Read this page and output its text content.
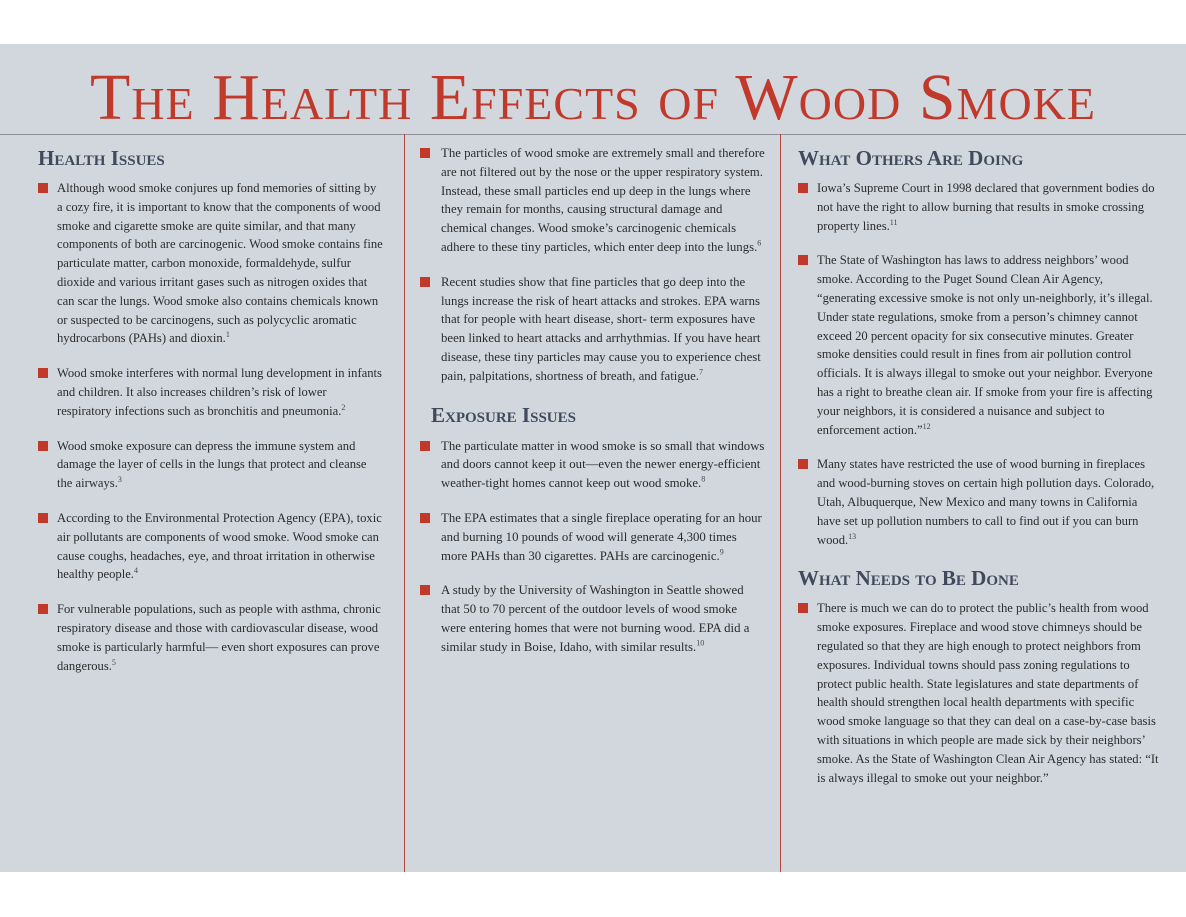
The Health Effects of Wood Smoke
Health Issues
Although wood smoke conjures up fond memories of sitting by a cozy fire, it is important to know that the components of wood smoke and cigarette smoke are quite similar, and that many components of both are carcinogenic. Wood smoke contains fine particulate matter, carbon monoxide, formaldehyde, sulfur dioxide and various irritant gases such as nitrogen oxides that can scar the lungs. Wood smoke also contains chemicals known or suspected to be carcinogens, such as polycyclic aromatic hydrocarbons (PAHs) and dioxin.$^1$
Wood smoke interferes with normal lung development in infants and children. It also increases children’s risk of lower respiratory infections such as bronchitis and pneumonia.$^2$
Wood smoke exposure can depress the immune system and damage the layer of cells in the lungs that protect and cleanse the airways.$^3$
According to the Environmental Protection Agency (EPA), toxic air pollutants are components of wood smoke. Wood smoke can cause coughs, headaches, eye, and throat irritation in otherwise healthy people.$^4$
For vulnerable populations, such as people with asthma, chronic respiratory disease and those with cardiovascular disease, wood smoke is particularly harmful— even short exposures can prove dangerous.$^5$
The particles of wood smoke are extremely small and therefore are not filtered out by the nose or the upper respiratory system. Instead, these small particles end up deep in the lungs where they remain for months, causing structural damage and chemical changes. Wood smoke’s carcinogenic chemicals adhere to these tiny particles, which enter deep into the lungs.$^6$
Recent studies show that fine particles that go deep into the lungs increase the risk of heart attacks and strokes. EPA warns that for people with heart disease, short- term exposures have been linked to heart attacks and arrhythmias. If you have heart disease, these tiny particles may cause you to experience chest pain, palpitations, shortness of breath, and fatigue.$^7$
Exposure Issues
The particulate matter in wood smoke is so small that windows and doors cannot keep it out—even the newer energy-efficient weather-tight homes cannot keep out wood smoke.$^8$
The EPA estimates that a single fireplace operating for an hour and burning 10 pounds of wood will generate 4,300 times more PAHs than 30 cigarettes. PAHs are carcinogenic.$^9$
A study by the University of Washington in Seattle showed that 50 to 70 percent of the outdoor levels of wood smoke were entering homes that were not burning wood. EPA did a similar study in Boise, Idaho, with similar results.$^{10}$
What Others Are Doing
Iowa’s Supreme Court in 1998 declared that government bodies do not have the right to allow burning that results in smoke crossing property lines.$^{11}$
The State of Washington has laws to address neighbors’ wood smoke. According to the Puget Sound Clean Air Agency, “generating excessive smoke is not only un-neighborly, it’s illegal. Under state regulations, smoke from a person’s chimney cannot exceed 20 percent opacity for six consecutive minutes. Greater smoke densities could result in fines from air pollution control officials. It is always illegal to smoke out your neighbor. Everyone has a right to breathe clean air. If smoke from your fire is affecting your neighbors, it is considered a nuisance and subject to enforcement action.”$^{12}$
Many states have restricted the use of wood burning in fireplaces and wood-burning stoves on certain high pollution days. Colorado, Utah, Albuquerque, New Mexico and many towns in California have set up pollution numbers to call to find out if you can burn wood.$^{13}$
What Needs to Be Done
There is much we can do to protect the public’s health from wood smoke exposures. Fireplace and wood stove chimneys should be regulated so that they are high enough to protect neighbors from exposures. Individual towns should pass zoning regulations to protect public health. State legislatures and state departments of health should strengthen local health departments with specific wood smoke language so that they can deal on a case-by-case basis with situations in which people are made sick by their neighbors’ smoke. As the State of Washington Clean Air Agency has stated: “It is always illegal to smoke out your neighbor.”
